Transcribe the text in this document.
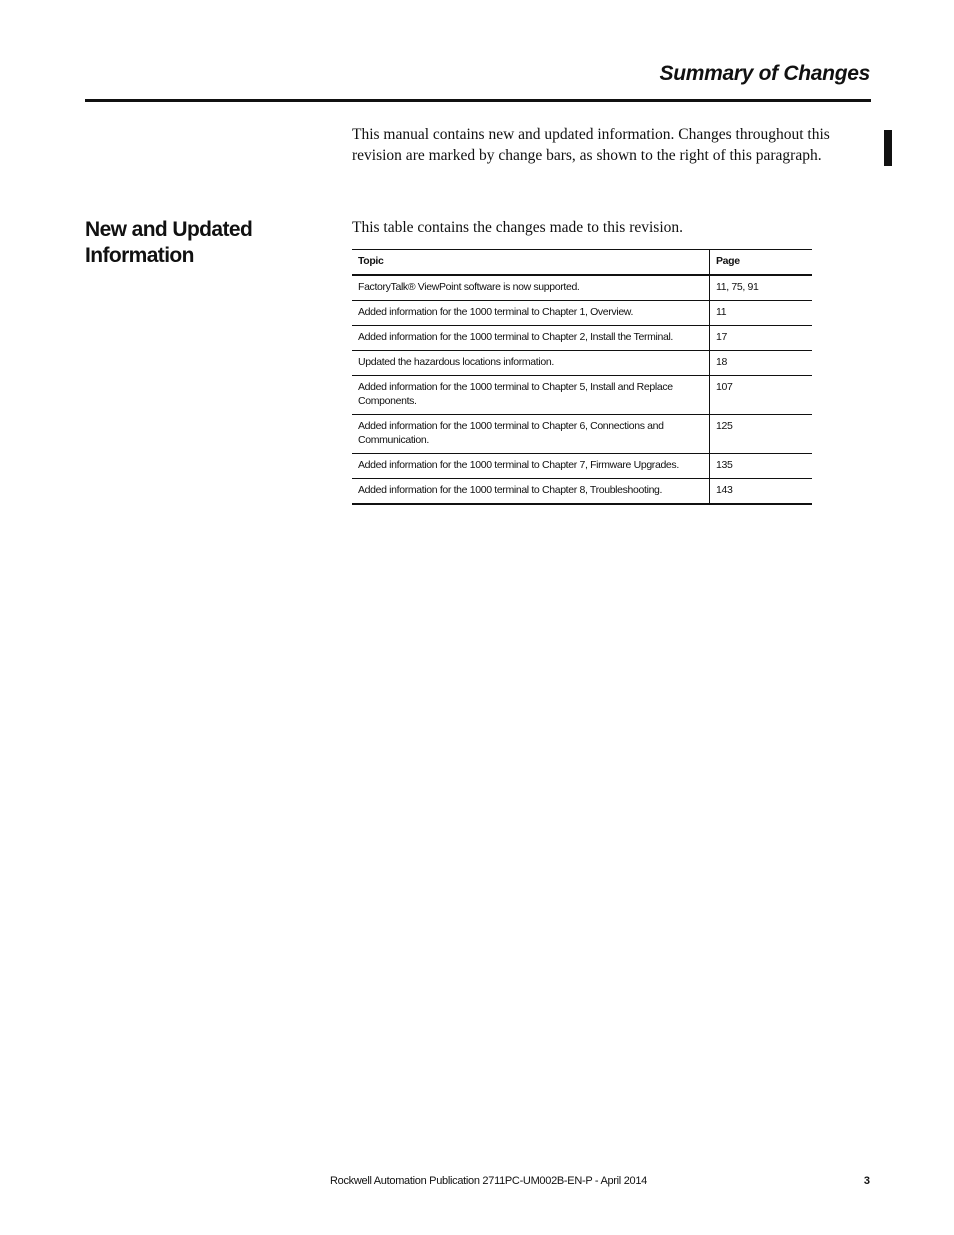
Summary of Changes

This manual contains new and updated information. Changes throughout this revision are marked by change bars, as shown to the right of this paragraph.

New and Updated Information

This table contains the changes made to this revision.

Topic	Page
FactoryTalk® ViewPoint software is now supported.	11, 75, 91
Added information for the 1000 terminal to Chapter 1, Overview.	11
Added information for the 1000 terminal to Chapter 2, Install the Terminal.	17
Updated the hazardous locations information.	18
Added information for the 1000 terminal to Chapter 5, Install and Replace Components.	107
Added information for the 1000 terminal to Chapter 6, Connections and Communication.	125
Added information for the 1000 terminal to Chapter 7, Firmware Upgrades.	135
Added information for the 1000 terminal to Chapter 8, Troubleshooting.	143

Rockwell Automation Publication 2711PC-UM002B-EN-P - April 2014	3
